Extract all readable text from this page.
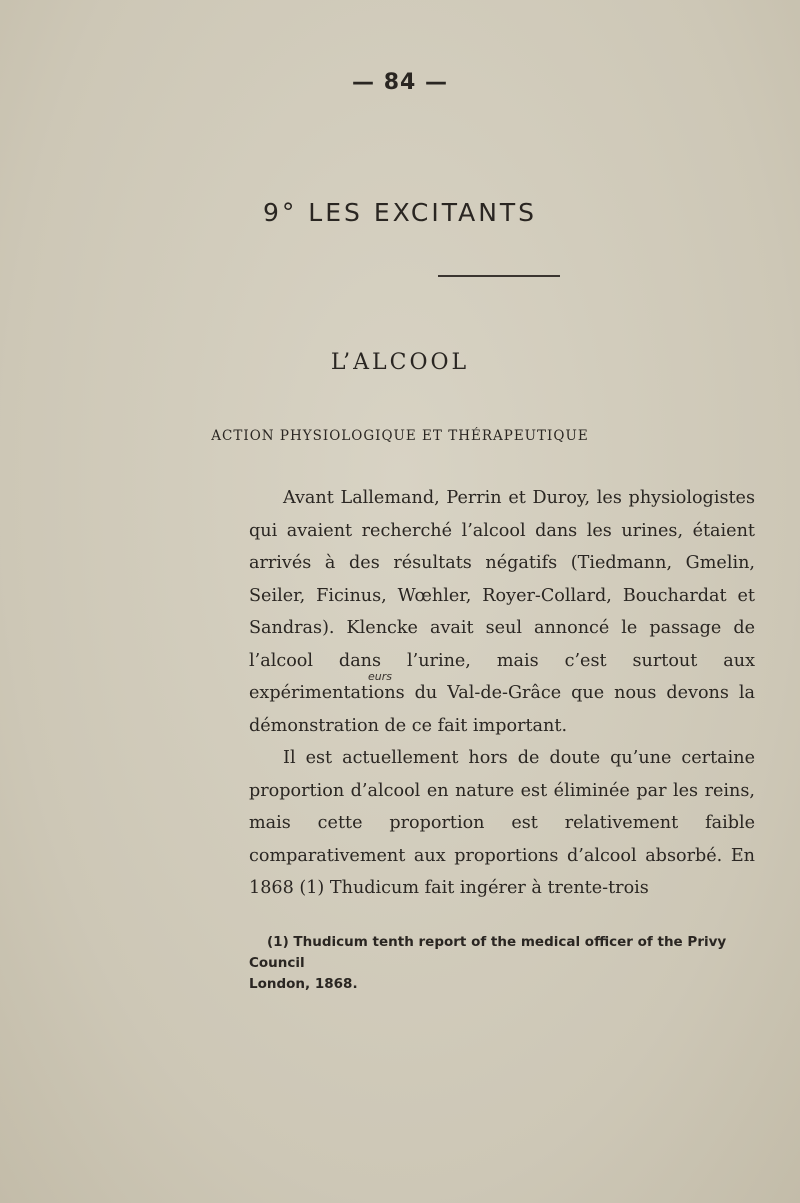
— 84 —
9° LES EXCITANTS
L’ALCOOL
ACTION PHYSIOLOGIQUE ET THÉRAPEUTIQUE

Avant Lallemand, Perrin et Duroy, les physiologistes qui avaient recherché l’alcool dans les urines, étaient arrivés à des résultats négatifs (Tiedmann, Gmelin, Seiler, Ficinus, Wœhler, Royer-Collard, Bouchardat et Sandras). Klencke avait seul annoncé le passage de l’alcool dans l’urine, mais c’est surtout aux expérimentations du Val-de-Grâce que nous devons la démonstration de ce fait important.

Il est actuellement hors de doute qu’une certaine proportion d’alcool en nature est éliminée par les reins, mais cette proportion est relativement faible comparativement aux proportions d’alcool absorbé. En 1868 (1) Thudicum fait ingérer à trente-trois

eurs
(1) Thudicum tenth report of the medical officer of the Privy Council
London, 1868.
